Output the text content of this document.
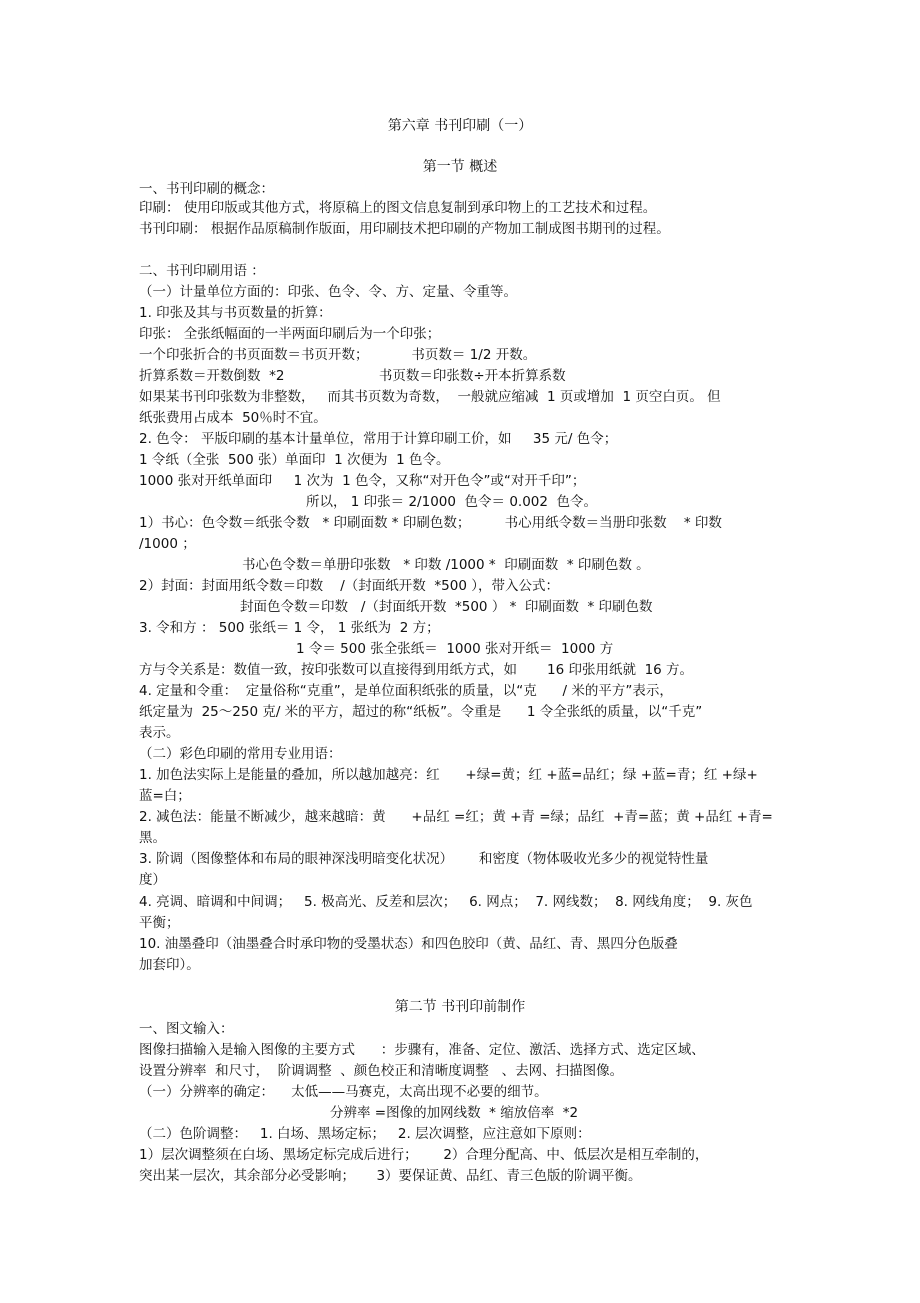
第六章 书刊印刷（一）
第一节 概述
一、书刊印刷的概念：
印刷： 使用印版或其他方式，将原稿上的图文信息复制到承印物上的工艺技术和过程。
书刊印刷： 根据作品原稿制作版面，用印刷技术把印刷的产物加工制成图书期刊的过程。
二、书刊印刷用语 ：
（一）计量单位方面的：印张、色令、令、方、定量、令重等。
1. 印张及其与书页数量的折算：
印张： 全张纸幅面的一半两面印刷后为一个印张；
一个印张折合的书页面数＝书页开数；          书页数＝ 1/2 开数。
折算系数＝开数倒数  *2                      书页数＝印张数÷开本折算系数
如果某书刊印张数为非整数，   而其书页数为奇数，  一般就应缩减  1 页或增加  1 页空白页。 但
纸张费用占成本  50％时不宜。
2. 色令： 平版印刷的基本计量单位，常用于计算印刷工价，如     35 元/ 色令；
1 令纸（全张  500 张）单面印  1 次便为  1 色令。
1000 张对开纸单面印     1 次为  1 色令，又称“对开色令”或“对开千印”；
所以， 1 印张＝ 2/1000  色令＝ 0.002  色令。
1）书心：色令数＝纸张令数   * 印刷面数 * 印刷色数；        书心用纸令数＝当册印张数    * 印数
/1000 ；
书心色令数＝单册印张数   * 印数 /1000 *  印刷面数  * 印刷色数 。
2）封面：封面用纸令数＝印数    /（封面纸开数  *500 ），带入公式：
封面色令数＝印数   /（封面纸开数  *500 ） *  印刷面数  * 印刷色数
3. 令和方 ： 500 张纸＝ 1 令， 1 张纸为  2 方；
1 令＝ 500 张全张纸＝  1000 张对开纸＝  1000 方
方与令关系是：数值一致，按印张数可以直接得到用纸方式，如       16 印张用纸就  16 方。
4. 定量和令重：  定量俗称“克重”，是单位面积纸张的质量，以“克      / 米的平方”表示，
纸定量为  25～250 克/ 米的平方，超过的称“纸板”。令重是      1 令全张纸的质量，以“千克”
表示。
（二）彩色印刷的常用专业用语：
1. 加色法实际上是能量的叠加，所以越加越亮：红      +绿=黄；红 +蓝=品红；绿 +蓝=青；红 +绿+
蓝=白；
2. 减色法：能量不断减少，越来越暗：黄      +品红 =红；黄 +青 =绿；品红  +青=蓝；黄 +品红 +青=
黑。
3. 阶调（图像整体和布局的眼神深浅明暗变化状况）      和密度（物体吸收光多少的视觉特性量
度）
4. 亮调、暗调和中间调；   5. 极高光、反差和层次；   6. 网点；  7. 网线数；  8. 网线角度；  9. 灰色
平衡；
10. 油墨叠印（油墨叠合时承印物的受墨状态）和四色胶印（黄、品红、青、黑四分色版叠
加套印）。
第二节 书刊印前制作
一、图文输入：
图像扫描输入是输入图像的主要方式      ：步骤有，准备、定位、激活、选择方式、选定区域、
设置分辨率  和尺寸，  阶调调整  、颜色校正和清晰度调整   、去网、扫描图像。
（一）分辨率的确定：    太低——马赛克，太高出现不必要的细节。
分辨率 =图像的加网线数  * 缩放倍率  *2
（二）色阶调整：   1. 白场、黑场定标；   2. 层次调整，应注意如下原则：
1）层次调整须在白场、黑场定标完成后进行；      2）合理分配高、中、低层次是相互牵制的，
突出某一层次，其余部分必受影响；     3）要保证黄、品红、青三色版的阶调平衡。
